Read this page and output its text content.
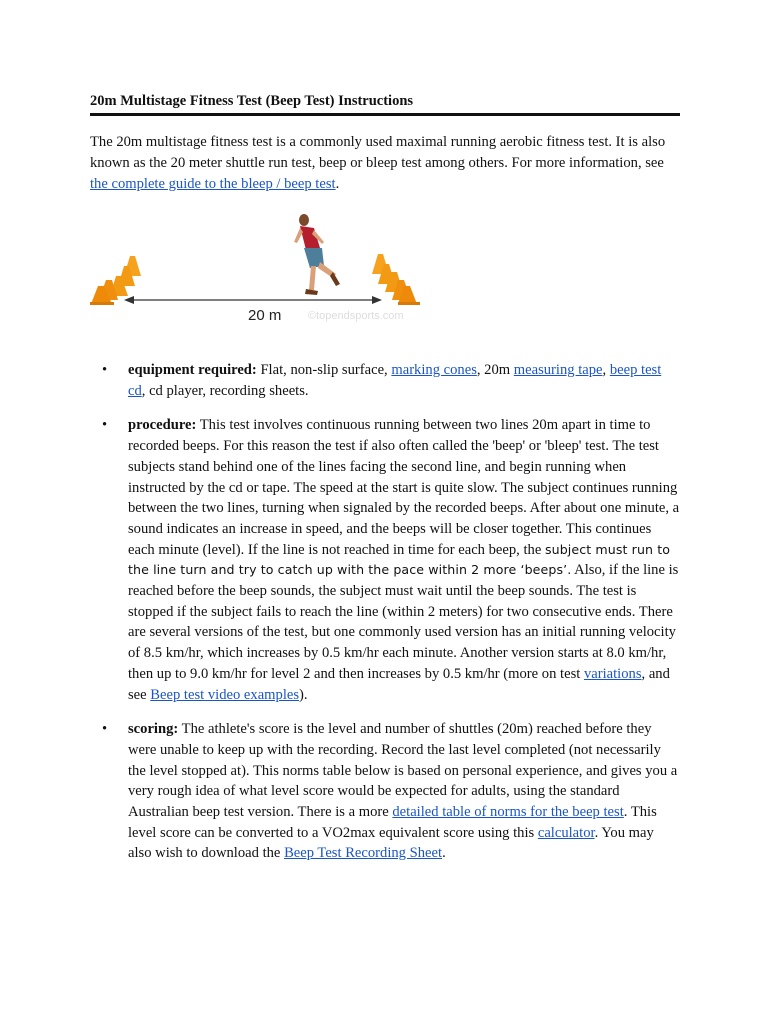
20m Multistage Fitness Test (Beep Test) Instructions

The 20m multistage fitness test is a commonly used maximal running aerobic fitness test. It is also known as the 20 meter shuttle run test, beep or bleep test among others. For more information, see the complete guide to the bleep / beep test.

20 m ©topendsports.com
• equipment required: Flat, non-slip surface, marking cones, 20m measuring tape, beep test cd, cd player, recording sheets.
• procedure: This test involves continuous running between two lines 20m apart in time to recorded beeps. For this reason the test if also often called the 'beep' or 'bleep' test. The test subjects stand behind one of the lines facing the second line, and begin running when instructed by the cd or tape. The speed at the start is quite slow. The subject continues running between the two lines, turning when signaled by the recorded beeps. After about one minute, a sound indicates an increase in speed, and the beeps will be closer together. This continues each minute (level). If the line is not reached in time for each beep, the subject must run to the line turn and try to catch up with the pace within 2 more ‘beeps’. Also, if the line is reached before the beep sounds, the subject must wait until the beep sounds. The test is stopped if the subject fails to reach the line (within 2 meters) for two consecutive ends. There are several versions of the test, but one commonly used version has an initial running velocity of 8.5 km/hr, which increases by 0.5 km/hr each minute. Another version starts at 8.0 km/hr, then up to 9.0 km/hr for level 2 and then increases by 0.5 km/hr (more on test variations, and see Beep test video examples).
• scoring: The athlete's score is the level and number of shuttles (20m) reached before they were unable to keep up with the recording. Record the last level completed (not necessarily the level stopped at). This norms table below is based on personal experience, and gives you a very rough idea of what level score would be expected for adults, using the standard Australian beep test version. There is a more detailed table of norms for the beep test. This level score can be converted to a VO2max equivalent score using this calculator. You may also wish to download the Beep Test Recording Sheet.
